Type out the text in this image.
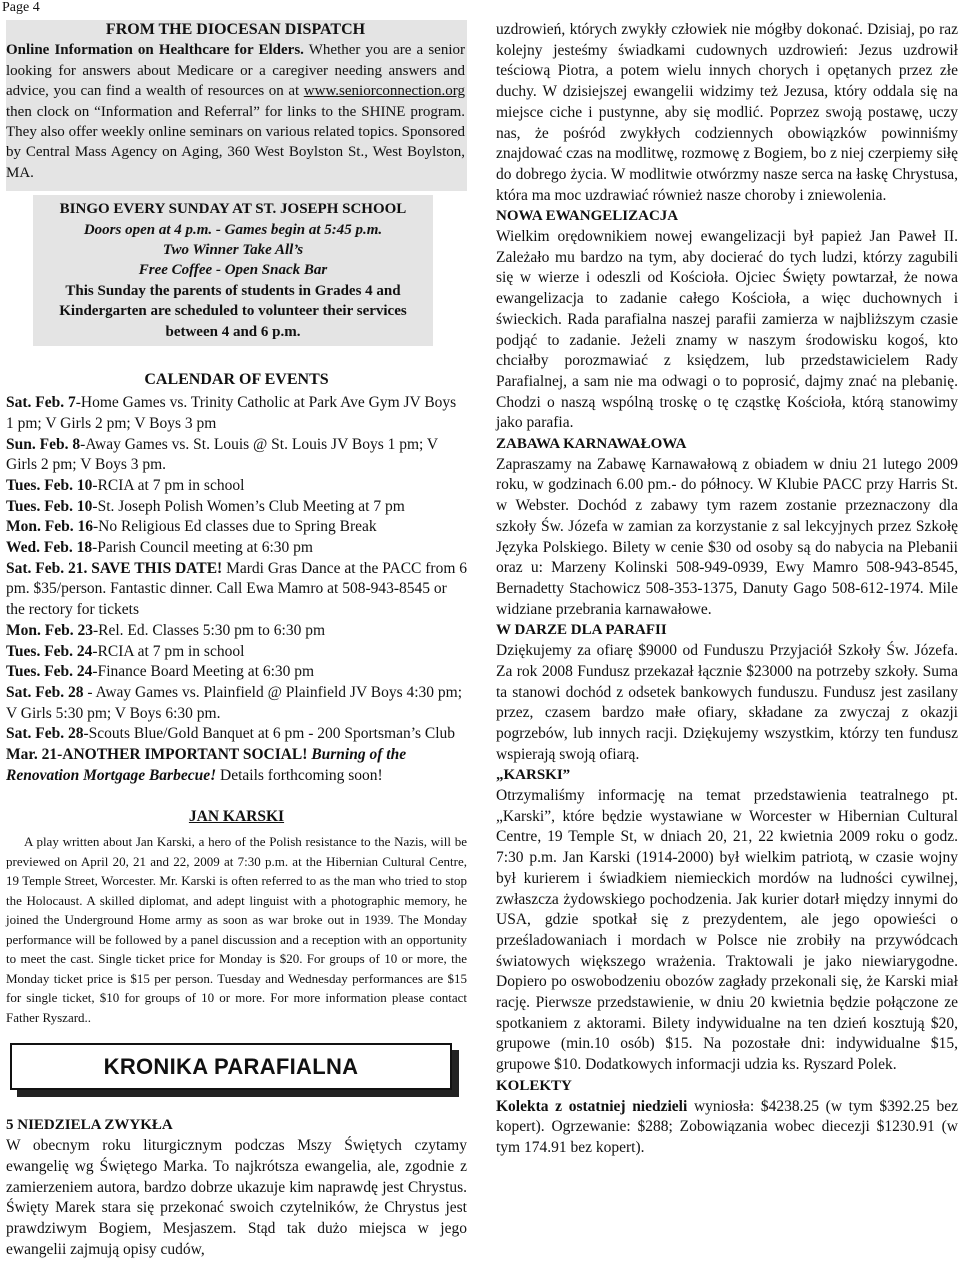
Page 4

FROM THE DIOCESAN DISPATCH

Online Information on Healthcare for Elders. Whether you are a senior looking for answers about Medicare or a caregiver needing answers and advice, you can find a wealth of resources on at www.seniorconnection.org then clock on “Information and Referral” for links to the SHINE program. They also offer weekly online seminars on various related topics. Sponsored by Central Mass Agency on Aging, 360 West Boylston St., West Boylston, MA.

BINGO EVERY SUNDAY AT ST. JOSEPH SCHOOL

Doors open at 4 p.m. - Games begin at 5:45 p.m.

Two Winner Take All’s

Free Coffee - Open Snack Bar

This Sunday the parents of students in Grades 4 and Kindergarten are scheduled to volunteer their services between 4 and 6 p.m.

CALENDAR OF EVENTS

Sat. Feb. 7-Home Games vs. Trinity Catholic at Park Ave Gym JV Boys 1 pm; V Girls 2 pm; V Boys 3 pm

Sun. Feb. 8-Away Games vs. St. Louis @ St. Louis JV Boys 1 pm; V Girls 2 pm; V Boys 3 pm.

Tues. Feb. 10-RCIA at 7 pm in school

Tues. Feb. 10-St. Joseph Polish Women’s Club Meeting at 7 pm

Mon. Feb. 16-No Religious Ed classes due to Spring Break

Wed. Feb. 18-Parish Council meeting at 6:30 pm

Sat. Feb. 21. SAVE THIS DATE! Mardi Gras Dance at the PACC from 6 pm. $35/person. Fantastic dinner. Call Ewa Mamro at 508-943-8545 or the rectory for tickets

Mon. Feb. 23-Rel. Ed. Classes 5:30 pm to 6:30 pm

Tues. Feb. 24-RCIA at 7 pm in school

Tues. Feb. 24-Finance Board Meeting at 6:30 pm

Sat. Feb. 28 - Away Games vs. Plainfield @ Plainfield JV Boys 4:30 pm; V Girls 5:30 pm; V Boys 6:30 pm.

Sat. Feb. 28-Scouts Blue/Gold Banquet at 6 pm - 200 Sportsman’s Club

Mar. 21-ANOTHER IMPORTANT SOCIAL! Burning of the Renovation Mortgage Barbecue! Details forthcoming soon!

JAN KARSKI

A play written about Jan Karski, a hero of the Polish resistance to the Nazis, will be previewed on April 20, 21 and 22, 2009 at 7:30 p.m. at the Hibernian Cultural Centre, 19 Temple Street, Worcester. Mr. Karski is often referred to as the man who tried to stop the Holocaust. A skilled diplomat, and adept linguist with a photographic memory, he joined the Underground Home army as soon as war broke out in 1939. The Monday performance will be followed by a panel discussion and a reception with an opportunity to meet the cast. Single ticket price for Monday is $20. For groups of 10 or more, the Monday ticket price is $15 per person. Tuesday and Wednesday performances are $15 for single ticket, $10 for groups of 10 or more. For more information please contact Father Ryszard..

KRONIKA PARAFIALNA

5 NIEDZIELA ZWYKŁA

W obecnym roku liturgicznym podczas Mszy Świętych czytamy ewangelię wg Świętego Marka. To najkrótsza ewangelia, ale, zgodnie z zamierzeniem autora, bardzo dobrze ukazuje kim naprawdę jest Chrystus. Święty Marek stara się przekonać swoich czytelników, że Chrystus jest prawdziwym Bogiem, Mesjaszem. Stąd tak dużo miejsca w jego ewangelii zajmują opisy cudów,

uzdrowień, których zwykły człowiek nie mógłby dokonać. Dzisiaj, po raz kolejny jesteśmy świadkami cudownych uzdrowień: Jezus uzdrowił teściową Piotra, a potem wielu innych chorych i opętanych przez złe duchy. W dzisiejszej ewangelii widzimy też Jezusa, który oddala się na miejsce ciche i pustynne, aby się modlić. Poprzez swoją postawę, uczy nas, że pośród zwykłych codziennych obowiązków powinniśmy znajdować czas na modlitwę, rozmowę z Bogiem, bo z niej czerpiemy siłę do dobrego życia. W modlitwie otwórzmy nasze serca na łaskę Chrystusa, która ma moc uzdrawiać również nasze choroby i zniewolenia.

NOWA EWANGELIZACJA

Wielkim orędownikiem nowej ewangelizacji był papież Jan Paweł II. Zależało mu bardzo na tym, aby docierać do tych ludzi, którzy zagubili się w wierze i odeszli od Kościoła. Ojciec Święty powtarzał, że nowa ewangelizacja to zadanie całego Kościoła, a więc duchownych i świeckich. Rada parafialna naszej parafii zamierza w najbliższym czasie podjąć to zadanie. Jeżeli znamy w naszym środowisku kogoś, kto chciałby porozmawiać z księdzem, lub przedstawicielem Rady Parafialnej, a sam nie ma odwagi o to poprosić, dajmy znać na plebanię. Chodzi o naszą wspólną troskę o tę cząstkę Kościoła, którą stanowimy jako parafia.

ZABAWA KARNAWAŁOWA

Zapraszamy na Zabawę Karnawałową z obiadem w dniu 21 lutego 2009 roku, w godzinach 6.00 pm.- do północy. W Klubie PACC przy Harris St. w Webster. Dochód z zabawy tym razem zostanie przeznaczony dla szkoły Św. Józefa w zamian za korzystanie z sal lekcyjnych przez Szkołę Języka Polskiego. Bilety w cenie $30 od osoby są do nabycia na Plebanii oraz u: Marzeny Kolinski 508-949-0939, Ewy Mamro 508-943-8545, Bernadetty Stachowicz 508-353-1375, Danuty Gago 508-612-1974. Mile widziane przebrania karnawałowe.

W DARZE DLA PARAFII

Dziękujemy za ofiarę $9000 od Funduszu Przyjaciół Szkoły Św. Józefa. Za rok 2008 Fundusz przekazał łącznie $23000 na potrzeby szkoły. Suma ta stanowi dochód z odsetek bankowych funduszu. Fundusz jest zasilany przez, czasem bardzo małe ofiary, składane za zwyczaj z okazji pogrzebów, lub innych racji. Dziękujemy wszystkim, którzy ten fundusz wspierają swoją ofiarą.

„KARSKI”

Otrzymaliśmy informację na temat przedstawienia teatralnego pt. „Karski”, które będzie wystawiane w Worcester w Hibernian Cultural Centre, 19 Temple St, w dniach 20, 21, 22 kwietnia 2009 roku o godz. 7:30 p.m. Jan Karski (1914-2000) był wielkim patriotą, w czasie wojny był kurierem i świadkiem niemieckich mordów na ludności cywilnej, zwłaszcza żydowskiego pochodzenia. Jak kurier dotarł między innymi do USA, gdzie spotkał się z prezydentem, ale jego opowieści o prześladowaniach i mordach w Polsce nie zrobiły na przywódcach światowych większego wrażenia. Traktowali je jako niewiarygodne. Dopiero po oswobodzeniu obozów zagłady przekonali się, że Karski miał rację. Pierwsze przedstawienie, w dniu 20 kwietnia będzie połączone ze spotkaniem z aktorami. Bilety indywidualne na ten dzień kosztują $20, grupowe (min.10 osób) $15. Na pozostałe dni: indywidualne $15, grupowe $10. Dodatkowych informacji udzia ks. Ryszard Polek.

KOLEKTY

Kolekta z ostatniej niedzieli wyniosła: $4238.25 (w tym $392.25 bez kopert). Ogrzewanie: $288; Zobowiązania wobec diecezji $1230.91 (w tym 174.91 bez kopert).
